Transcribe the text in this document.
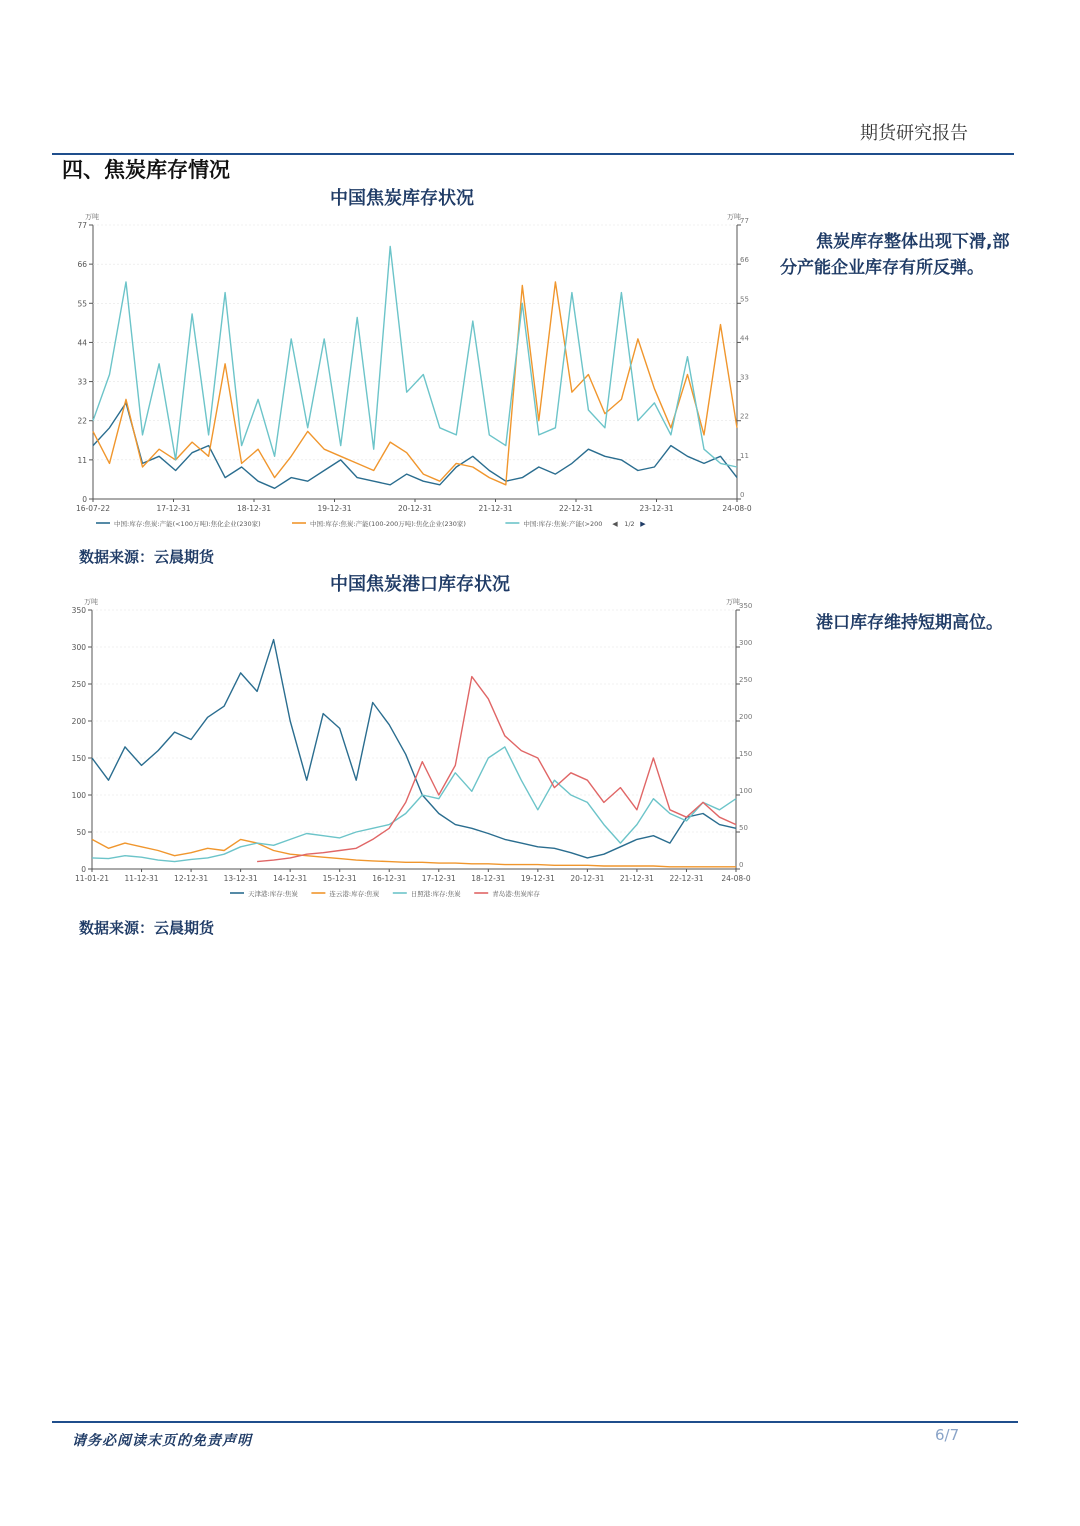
期货研究报告
四、焦炭库存情况
中国焦炭库存状况
万吨	万吨
0	0
11	11
22	22
33	33
44	44
55	55
66	66
77	77
16-07-22	17-12-31	18-12-31	19-12-31	20-12-31	21-12-31	22-12-31	23-12-31	24-08-0
中国:库存:焦炭:产能(<100万吨):焦化企业(230家)	中国:库存:焦炭:产能(100-200万吨):焦化企业(230家)	中国:库存:焦炭:产能(>200 ◀ 1/2 ▶
数据来源：云晨期货
焦炭库存整体出现下滑,部分产能企业库存有所反弹。
中国焦炭港口库存状况
万吨	万吨
0	0
50	50
100	100
150	150
200	200
250	250
300	300
350	350
11-01-21 11-12-31 12-12-31 13-12-31 14-12-31 15-12-31 16-12-31 17-12-31 18-12-31 19-12-31 20-12-31 21-12-31 22-12-31 24-08-0
天津港:库存:焦炭	连云港:库存:焦炭	日照港:库存:焦炭	青岛港:焦炭库存
数据来源：云晨期货
港口库存维持短期高位。
请务必阅读末页的免责声明	6/7
